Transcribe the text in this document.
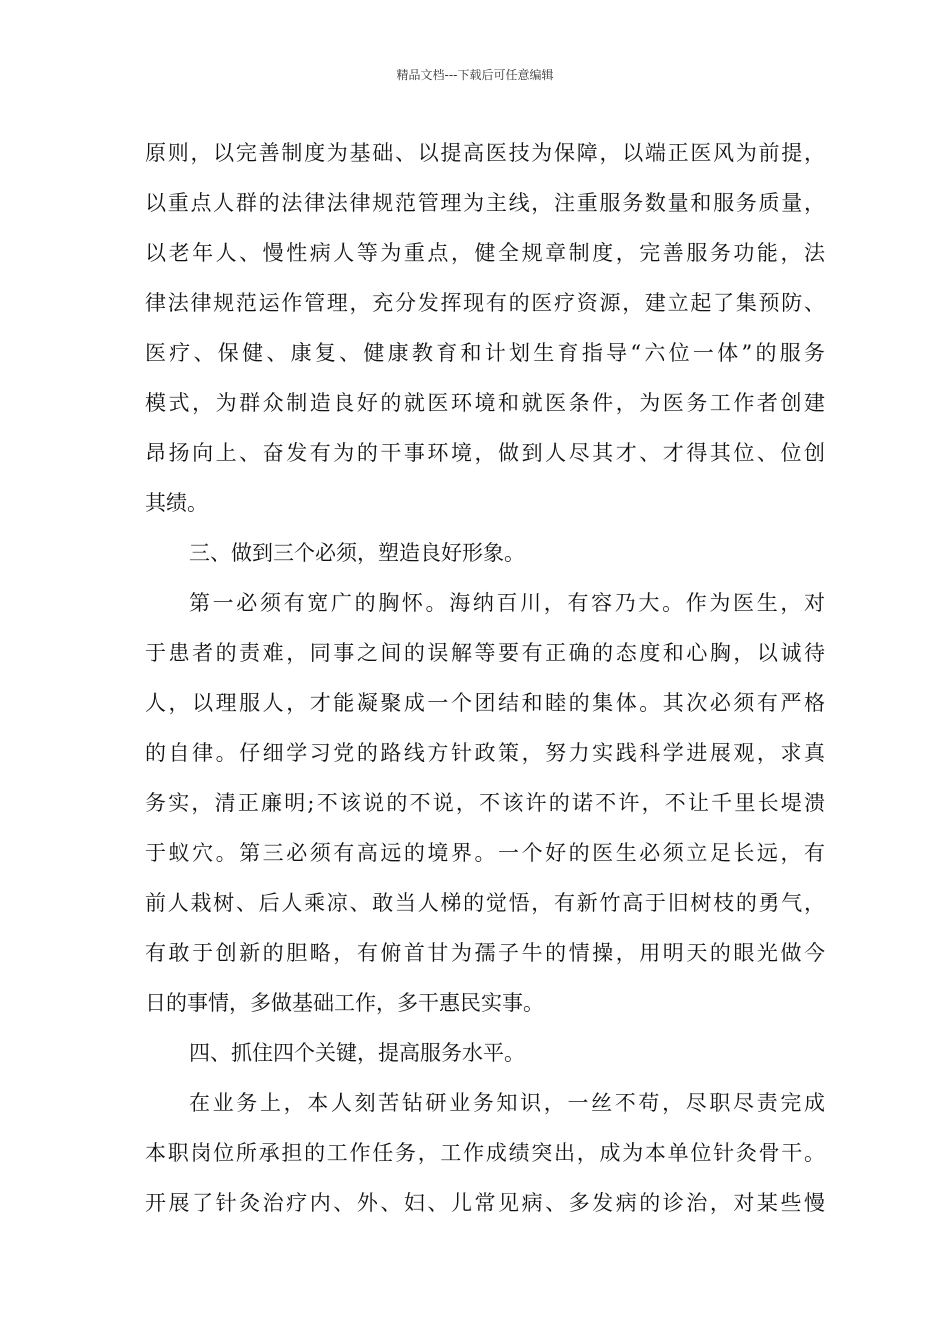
精品文档---下载后可任意编辑
原则，以完善制度为基础、以提高医技为保障，以端正医风为前提，
以重点人群的法律法律规范管理为主线，注重服务数量和服务质量，
以老年人、慢性病人等为重点，健全规章制度，完善服务功能，法
律法律规范运作管理，充分发挥现有的医疗资源，建立起了集预防、
医疗、保健、康复、健康教育和计划生育指导“六位一体”的服务
模式，为群众制造良好的就医环境和就医条件，为医务工作者创建
昂扬向上、奋发有为的干事环境，做到人尽其才、才得其位、位创
其绩。
三、做到三个必须，塑造良好形象。
第一必须有宽广的胸怀。海纳百川，有容乃大。作为医生，对
于患者的责难，同事之间的误解等要有正确的态度和心胸，以诚待
人，以理服人，才能凝聚成一个团结和睦的集体。其次必须有严格
的自律。仔细学习党的路线方针政策，努力实践科学进展观，求真
务实，清正廉明;不该说的不说，不该许的诺不许，不让千里长堤溃
于蚁穴。第三必须有高远的境界。一个好的医生必须立足长远，有
前人栽树、后人乘凉、敢当人梯的觉悟，有新竹高于旧树枝的勇气，
有敢于创新的胆略，有俯首甘为孺子牛的情操，用明天的眼光做今
日的事情，多做基础工作，多干惠民实事。
四、抓住四个关键，提高服务水平。
在业务上，本人刻苦钻研业务知识，一丝不苟，尽职尽责完成
本职岗位所承担的工作任务，工作成绩突出，成为本单位针灸骨干。
开展了针灸治疗内、外、妇、儿常见病、多发病的诊治，对某些慢
